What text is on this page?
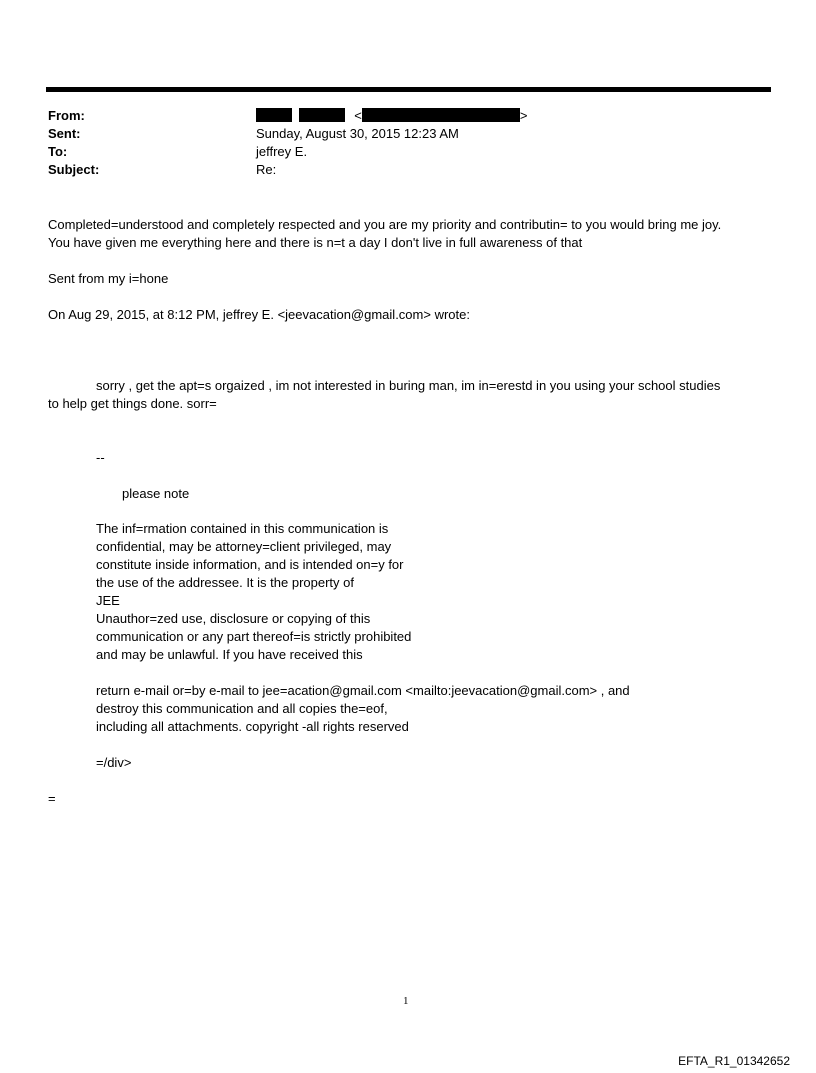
From:	<	>
Sent:	Sunday, August 30, 2015 12:23 AM
To:	jeffrey E.
Subject:	Re:
Completed=understood and completely respected and you are my priority and contributin= to you would bring me joy.
You have given me everything here and there is n=t a day I don't live in full awareness of that
Sent from my i=hone
On Aug 29, 2015, at 8:12 PM, jeffrey E. <jeevacation@gmail.com> wrote:
sorry , get the apt=s orgaized , im not interested in buring man, im in=erestd in you using your school studies
to help get things done. sorr=
--
please note
The inf=rmation contained in this communication is
confidential, may be attorney=client privileged, may
constitute inside information, and is intended on=y for
the use of the addressee. It is the property of
JEE
Unauthor=zed use, disclosure or copying of this
communication or any part thereof=is strictly prohibited
and may be unlawful. If you have received this
return e-mail or=by e-mail to jee=acation@gmail.com <mailto:jeevacation@gmail.com> , and
destroy this communication and all copies the=eof,
including all attachments. copyright -all rights reserved
=/div>
=
1
EFTA_R1_01342652
